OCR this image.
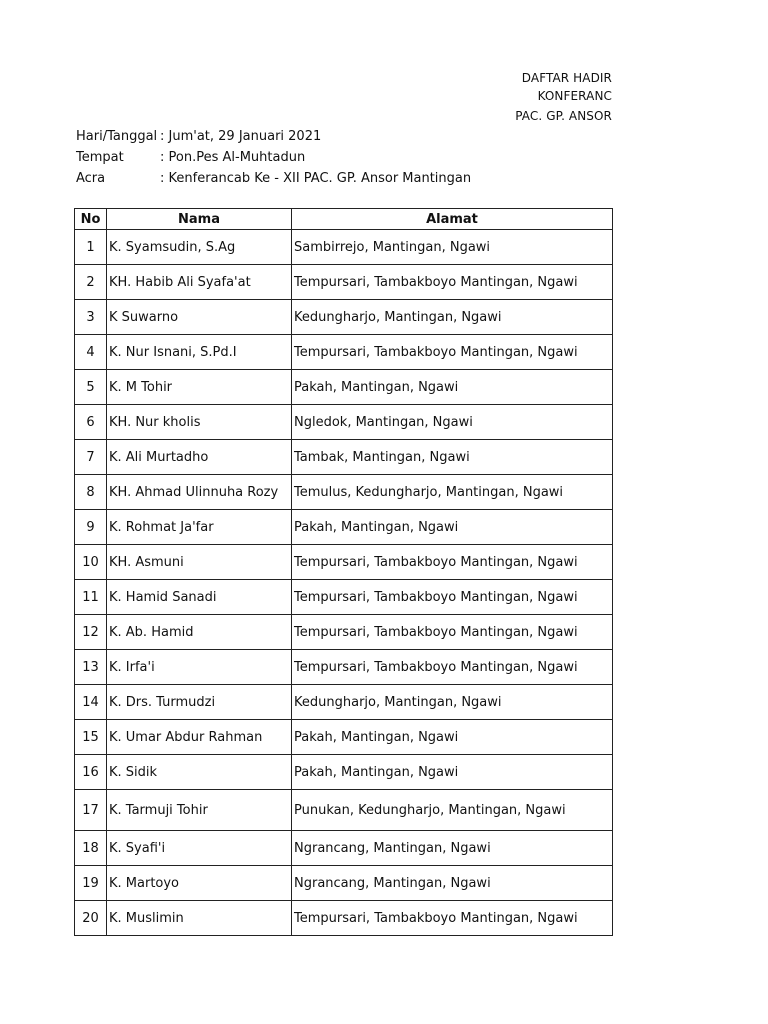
DAFTAR HADIR
KONFERANC
PAC. GP. ANSOR
Hari/Tanggal : Jum'at, 29 Januari 2021
Tempat	: Pon.Pes Al-Muhtadun
Acra	: Kenferancab Ke - XII PAC. GP. Ansor Mantingan
No	Nama	Alamat
1	K. Syamsudin, S.Ag	Sambirrejo, Mantingan, Ngawi
2	KH. Habib Ali Syafa'at	Tempursari, Tambakboyo Mantingan, Ngawi
3	K Suwarno	Kedungharjo, Mantingan, Ngawi
4	K. Nur Isnani, S.Pd.I	Tempursari, Tambakboyo Mantingan, Ngawi
5	K. M Tohir	Pakah, Mantingan, Ngawi
6	KH. Nur kholis	Ngledok, Mantingan, Ngawi
7	K. Ali Murtadho	Tambak, Mantingan, Ngawi
8	KH. Ahmad Ulinnuha Rozy	Temulus, Kedungharjo, Mantingan, Ngawi
9	K. Rohmat Ja'far	Pakah, Mantingan, Ngawi
10	KH. Asmuni	Tempursari, Tambakboyo Mantingan, Ngawi
11	K. Hamid Sanadi	Tempursari, Tambakboyo Mantingan, Ngawi
12	K. Ab. Hamid	Tempursari, Tambakboyo Mantingan, Ngawi
13	K. Irfa'i	Tempursari, Tambakboyo Mantingan, Ngawi
14	K. Drs. Turmudzi	Kedungharjo, Mantingan, Ngawi
15	K. Umar Abdur Rahman	Pakah, Mantingan, Ngawi
16	K. Sidik	Pakah, Mantingan, Ngawi
17	K. Tarmuji Tohir	Punukan, Kedungharjo, Mantingan, Ngawi
18	K. Syafi'i	Ngrancang, Mantingan, Ngawi
19	K. Martoyo	Ngrancang, Mantingan, Ngawi
20	K. Muslimin	Tempursari, Tambakboyo Mantingan, Ngawi
